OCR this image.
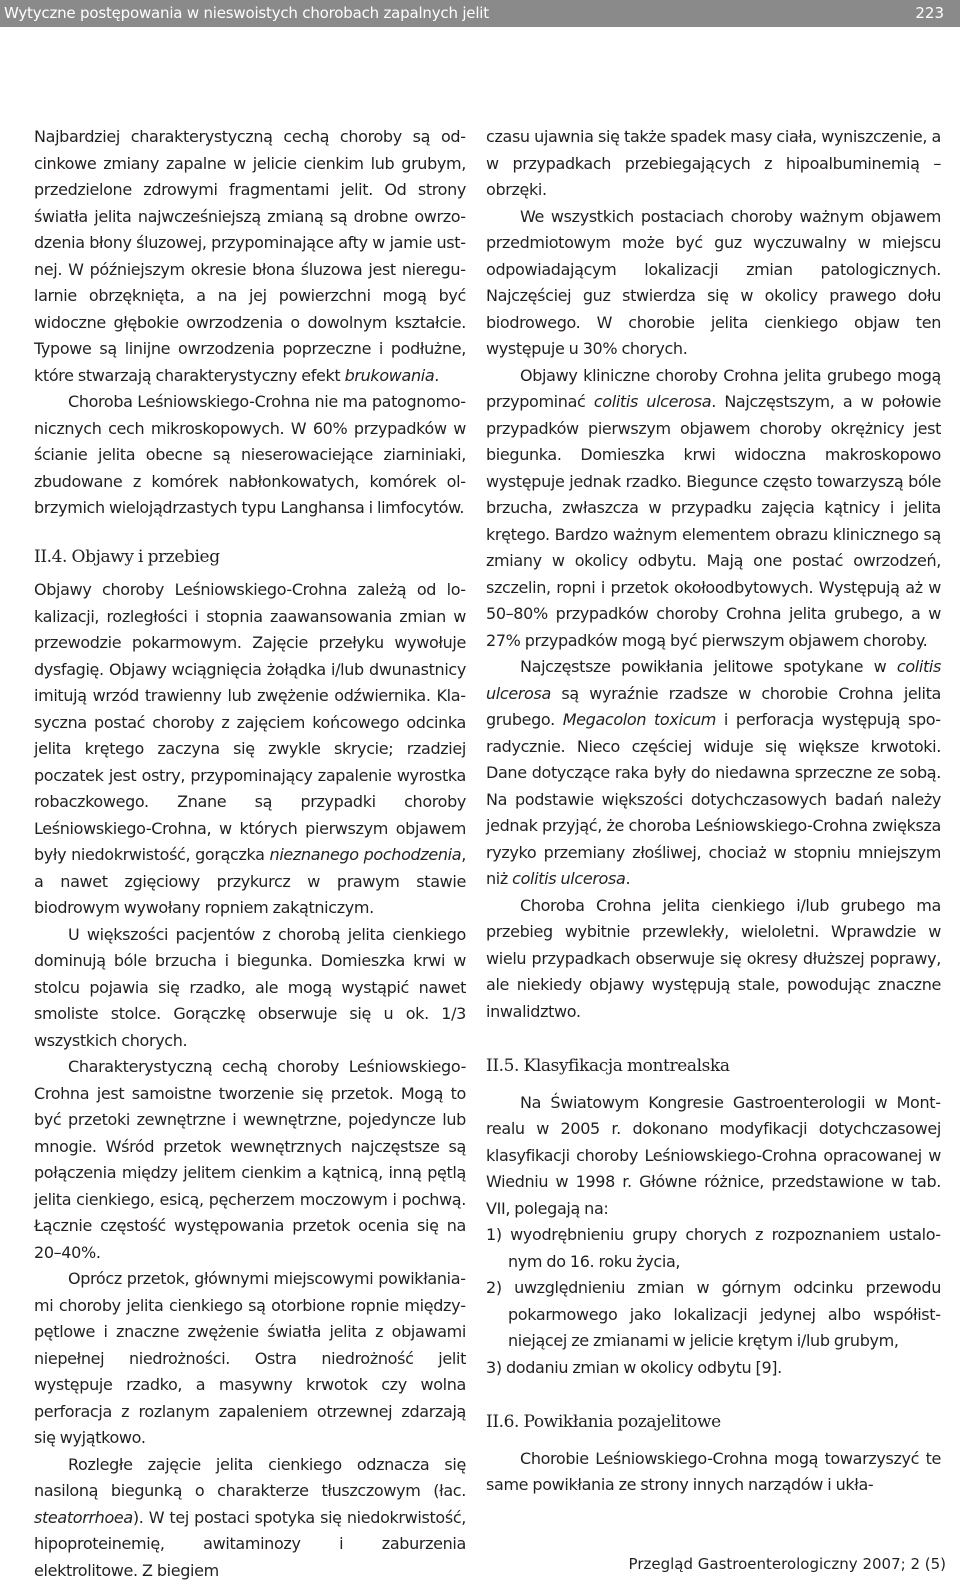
Wytyczne postępowania w nieswoistych chorobach zapalnych jelit	223

Najbardziej charakterystyczną cechą choroby są odcinkowe zmiany zapalne w jelicie cienkim lub grubym, przedzielone zdrowymi fragmentami jelit. Od strony światła jelita najwcześniejszą zmianą są drobne owrzodzenia błony śluzowej, przypominające afty w jamie ustnej. W późniejszym okresie błona śluzowa jest nieregularnie obrzęknięta, a na jej powierzchni mogą być widoczne głębokie owrzodzenia o dowolnym kształcie. Typowe są linijne owrzodzenia poprzeczne i podłużne, które stwarzają charakterystyczny efekt brukowania.

Choroba Leśniowskiego-Crohna nie ma patognomonicznych cech mikroskopowych. W 60% przypadków w ścianie jelita obecne są nieserowaciejące ziarniniaki, zbudowane z komórek nabłonkowatych, komórek olbrzymich wielojądrzastych typu Langhansa i limfocytów.

II.4. Objawy i przebieg

Objawy choroby Leśniowskiego-Crohna zależą od lokalizacji, rozległości i stopnia zaawansowania zmian w przewodzie pokarmowym. Zajęcie przełyku wywołuje dysfagię. Objawy wciągnięcia żołądka i/lub dwunastnicy imitują wrzód trawienny lub zwężenie odźwiernika. Klasyczna postać choroby z zajęciem końcowego odcinka jelita krętego zaczyna się zwykle skrycie; rzadziej poczatek jest ostry, przypominający zapalenie wyrostka robaczkowego. Znane są przypadki choroby Leśniowskiego-Crohna, w których pierwszym objawem były niedokrwistość, gorączka nieznanego pochodzenia, a nawet zgięciowy przykurcz w prawym stawie biodrowym wywołany ropniem zakątniczym.

U większości pacjentów z chorobą jelita cienkiego dominują bóle brzucha i biegunka. Domieszka krwi w stolcu pojawia się rzadko, ale mogą wystąpić nawet smoliste stolce. Gorączkę obserwuje się u ok. 1/3 wszystkich chorych.

Charakterystyczną cechą choroby Leśniowskiego-Crohna jest samoistne tworzenie się przetok. Mogą to być przetoki zewnętrzne i wewnętrzne, pojedyncze lub mnogie. Wśród przetok wewnętrznych najczęstsze są połączenia między jelitem cienkim a kątnicą, inną pętlą jelita cienkiego, esicą, pęcherzem moczowym i pochwą. Łącznie częstość występowania przetok ocenia się na 20–40%.

Oprócz przetok, głównymi miejscowymi powikłaniami choroby jelita cienkiego są otorbione ropnie międzypętlowe i znaczne zwężenie światła jelita z objawami niepełnej niedrożności. Ostra niedrożność jelit występuje rzadko, a masywny krwotok czy wolna perforacja z rozlanym zapaleniem otrzewnej zdarzają się wyjątkowo.

Rozległe zajęcie jelita cienkiego odznacza się nasiloną biegunką o charakterze tłuszczowym (łac. steatorrhoea). W tej postaci spotyka się niedokrwistość, hipoproteinemię, awitaminozy i zaburzenia elektrolitowe. Z biegiem

czasu ujawnia się także spadek masy ciała, wyniszczenie, a w przypadkach przebiegających z hipoalbuminemią – obrzęki.

We wszystkich postaciach choroby ważnym objawem przedmiotowym może być guz wyczuwalny w miejscu odpowiadającym lokalizacji zmian patologicznych. Najczęściej guz stwierdza się w okolicy prawego dołu biodrowego. W chorobie jelita cienkiego objaw ten występuje u 30% chorych.

Objawy kliniczne choroby Crohna jelita grubego mogą przypominać colitis ulcerosa. Najczęstszym, a w połowie przypadków pierwszym objawem choroby okrężnicy jest biegunka. Domieszka krwi widoczna makroskopowo występuje jednak rzadko. Biegunce często towarzyszą bóle brzucha, zwłaszcza w przypadku zajęcia kątnicy i jelita krętego. Bardzo ważnym elementem obrazu klinicznego są zmiany w okolicy odbytu. Mają one postać owrzodzeń, szczelin, ropni i przetok okołoodbytowych. Występują aż w 50–80% przypadków choroby Crohna jelita grubego, a w 27% przypadków mogą być pierwszym objawem choroby.

Najczęstsze powikłania jelitowe spotykane w colitis ulcerosa są wyraźnie rzadsze w chorobie Crohna jelita grubego. Megacolon toxicum i perforacja występują sporadycznie. Nieco częściej widuje się większe krwotoki. Dane dotyczące raka były do niedawna sprzeczne ze sobą. Na podstawie większości dotychczasowych badań należy jednak przyjąć, że choroba Leśniowskiego-Crohna zwiększa ryzyko przemiany złośliwej, chociaż w stopniu mniejszym niż colitis ulcerosa.

Choroba Crohna jelita cienkiego i/lub grubego ma przebieg wybitnie przewlekły, wieloletni. Wprawdzie w wielu przypadkach obserwuje się okresy dłuższej poprawy, ale niekiedy objawy występują stale, powodując znaczne inwalidztwo.

II.5. Klasyfikacja montrealska

Na Światowym Kongresie Gastroenterologii w Montrealu w 2005 r. dokonano modyfikacji dotychczasowej klasyfikacji choroby Leśniowskiego-Crohna opracowanej w Wiedniu w 1998 r. Główne różnice, przedstawione w tab. VII, polegają na:

1) wyodrębnieniu grupy chorych z rozpoznaniem ustalonym do 16. roku życia,
2) uwzględnieniu zmian w górnym odcinku przewodu pokarmowego jako lokalizacji jedynej albo współistniejącej ze zmianami w jelicie krętym i/lub grubym,
3) dodaniu zmian w okolicy odbytu [9].
II.6. Powikłania pozajelitowe

Chorobie Leśniowskiego-Crohna mogą towarzyszyć te same powikłania ze strony innych narządów i ukła-

Przegląd Gastroenterologiczny 2007; 2 (5)
